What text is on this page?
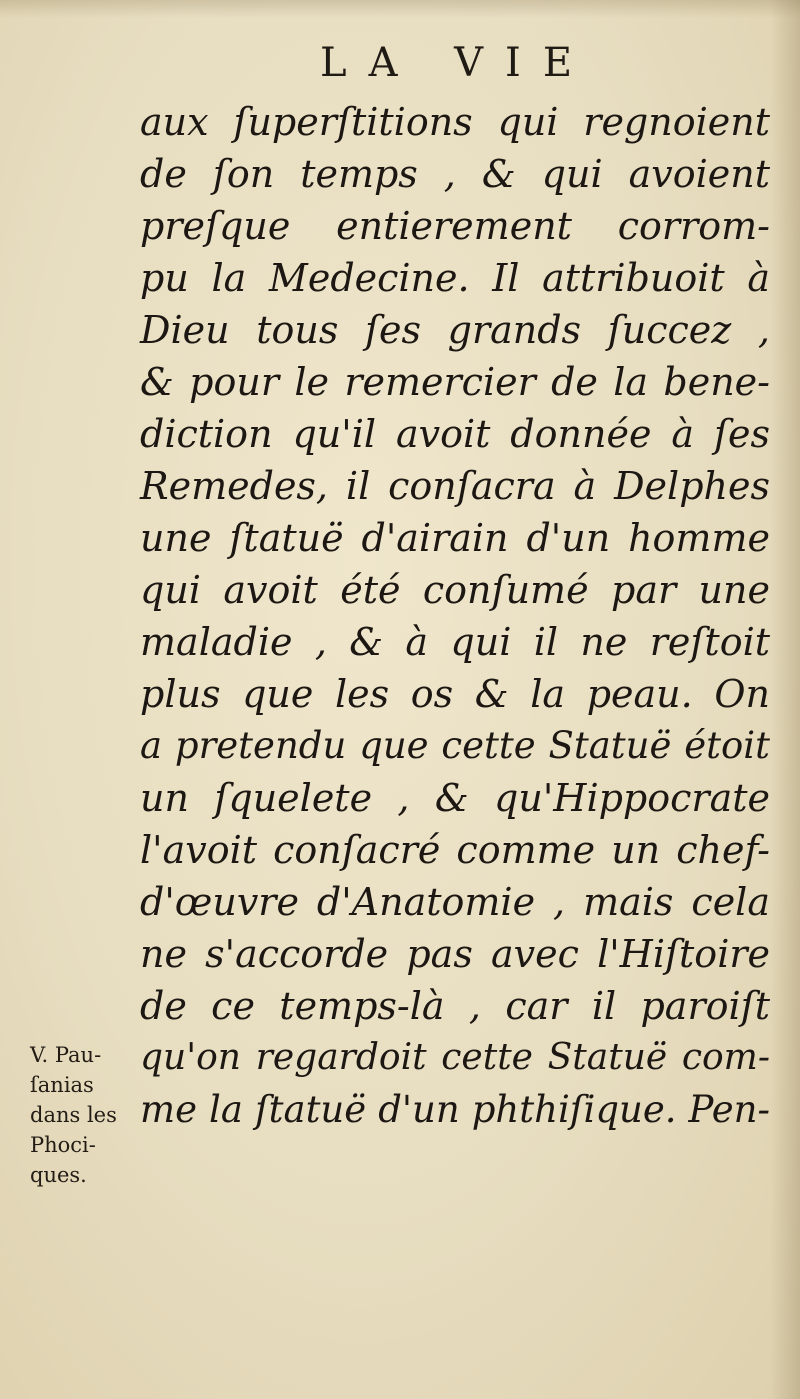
LA VIE
aux ſuperſtitions qui regnoient
de ſon temps , & qui avoient
preſque entierement corrom-
pu la Medecine. Il attribuoit à
Dieu tous ſes grands ſuccez ,
& pour le remercier de la bene-
diction qu'il avoit donnée à ſes
Remedes, il conſacra à Delphes
une ſtatuë d'airain d'un homme
qui avoit été conſumé par une
maladie , & à qui il ne reſtoit
plus que les os & la peau. On
a pretendu que cette Statuë étoit
un ſquelete , & qu'Hippocrate
l'avoit conſacré comme un chef-
d'œuvre d'Anatomie , mais cela
ne s'accorde pas avec l'Hiſtoire
de ce temps-là , car il paroiſt
qu'on regardoit cette Statuë com-
me la ſtatuë d'un phthiſique. Pen-
V. Pau-
ſanias
dans les
Phoci-
ques.
